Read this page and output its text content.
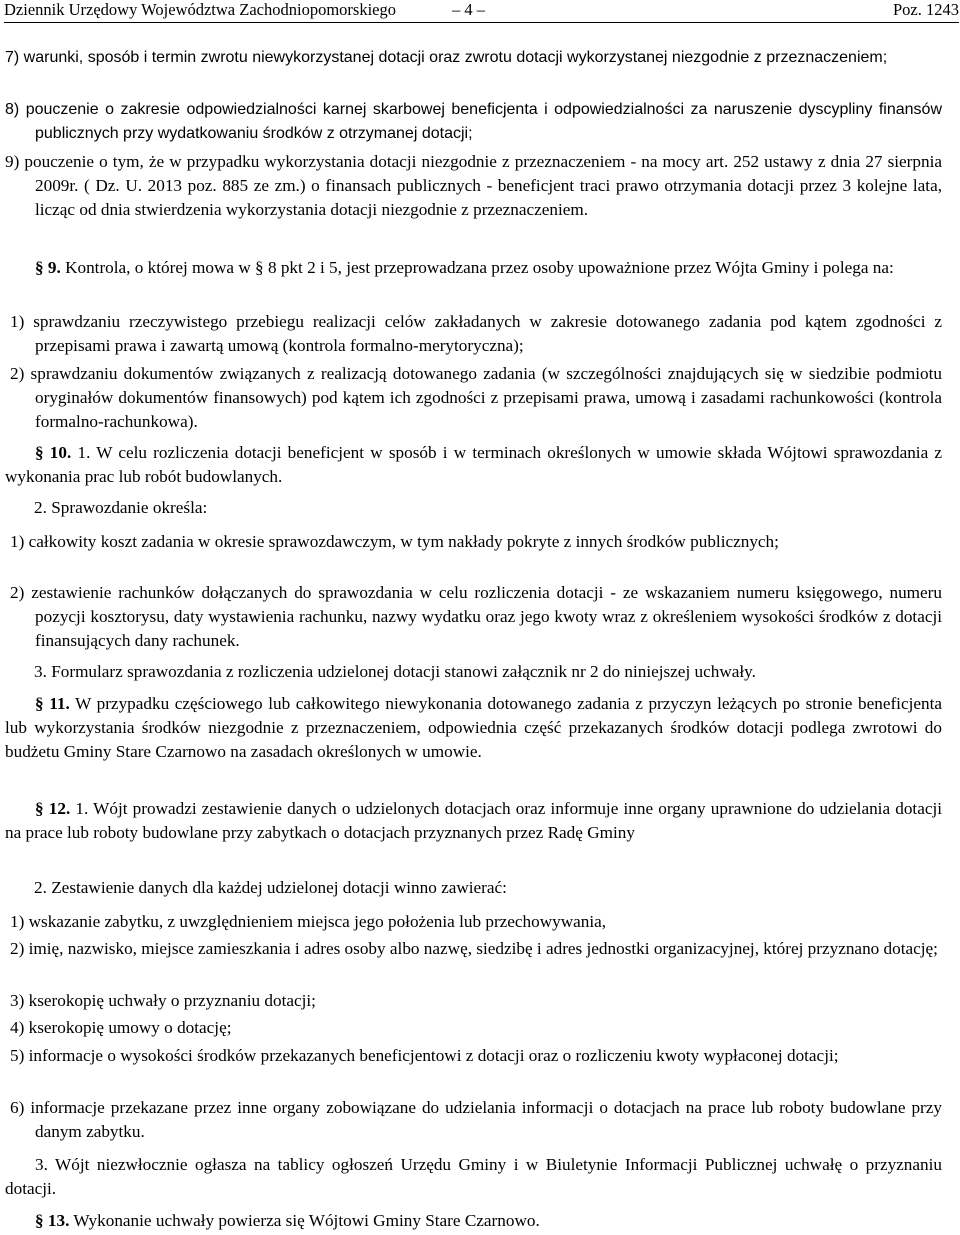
Dziennik Urzędowy Województwa Zachodniopomorskiego	– 4 –	Poz. 1243
7) warunki, sposób i termin zwrotu niewykorzystanej dotacji oraz zwrotu dotacji wykorzystanej niezgodnie z przeznaczeniem;
8) pouczenie o zakresie odpowiedzialności karnej skarbowej beneficjenta i odpowiedzialności za naruszenie dyscypliny finansów publicznych przy wydatkowaniu środków z otrzymanej dotacji;
9) pouczenie o tym, że w przypadku wykorzystania dotacji niezgodnie z przeznaczeniem - na mocy art. 252 ustawy z dnia 27 sierpnia 2009r. ( Dz. U. 2013 poz. 885 ze zm.) o finansach publicznych - beneficjent traci prawo otrzymania dotacji przez 3 kolejne lata, licząc od dnia stwierdzenia wykorzystania dotacji niezgodnie z przeznaczeniem.
§ 9. Kontrola, o której mowa w § 8 pkt 2 i 5, jest przeprowadzana przez osoby upoważnione przez Wójta Gminy i polega na:
1) sprawdzaniu rzeczywistego przebiegu realizacji celów zakładanych w zakresie dotowanego zadania pod kątem zgodności z przepisami prawa i zawartą umową (kontrola formalno-merytoryczna);
2) sprawdzaniu dokumentów związanych z realizacją dotowanego zadania (w szczególności znajdujących się w siedzibie podmiotu oryginałów dokumentów finansowych) pod kątem ich zgodności z przepisami prawa, umową i zasadami rachunkowości (kontrola formalno-rachunkowa).
§ 10. 1. W celu rozliczenia dotacji beneficjent w sposób i w terminach określonych w umowie składa Wójtowi sprawozdania z wykonania prac lub robót budowlanych.
2. Sprawozdanie określa:
1) całkowity koszt zadania w okresie sprawozdawczym, w tym nakłady pokryte z innych środków publicznych;
2) zestawienie rachunków dołączanych do sprawozdania w celu rozliczenia dotacji - ze wskazaniem numeru księgowego, numeru pozycji kosztorysu, daty wystawienia rachunku, nazwy wydatku oraz jego kwoty wraz z określeniem wysokości środków z dotacji finansujących dany rachunek.
3. Formularz sprawozdania z rozliczenia udzielonej dotacji stanowi załącznik nr 2 do niniejszej uchwały.
§ 11. W przypadku częściowego lub całkowitego niewykonania dotowanego zadania z przyczyn leżących po stronie beneficjenta lub wykorzystania środków niezgodnie z przeznaczeniem, odpowiednia część przekazanych środków dotacji podlega zwrotowi do budżetu Gminy Stare Czarnowo na zasadach określonych w umowie.
§ 12. 1. Wójt prowadzi zestawienie danych o udzielonych dotacjach oraz informuje inne organy uprawnione do udzielania dotacji na prace lub roboty budowlane przy zabytkach o dotacjach przyznanych przez Radę Gminy
2. Zestawienie danych dla każdej udzielonej dotacji winno zawierać:
1) wskazanie zabytku, z uwzględnieniem miejsca jego położenia lub przechowywania,
2) imię, nazwisko, miejsce zamieszkania i adres osoby albo nazwę, siedzibę i adres jednostki organizacyjnej, której przyznano dotację;
3) kserokopię uchwały o przyznaniu dotacji;
4) kserokopię umowy o dotację;
5) informacje o wysokości środków przekazanych beneficjentowi z dotacji oraz o rozliczeniu kwoty wypłaconej dotacji;
6) informacje przekazane przez inne organy zobowiązane do udzielania informacji o dotacjach na prace lub roboty budowlane przy danym zabytku.
3. Wójt niezwłocznie ogłasza na tablicy ogłoszeń Urzędu Gminy i w Biuletynie Informacji Publicznej uchwałę o przyznaniu dotacji.
§ 13. Wykonanie uchwały powierza się Wójtowi Gminy Stare Czarnowo.
